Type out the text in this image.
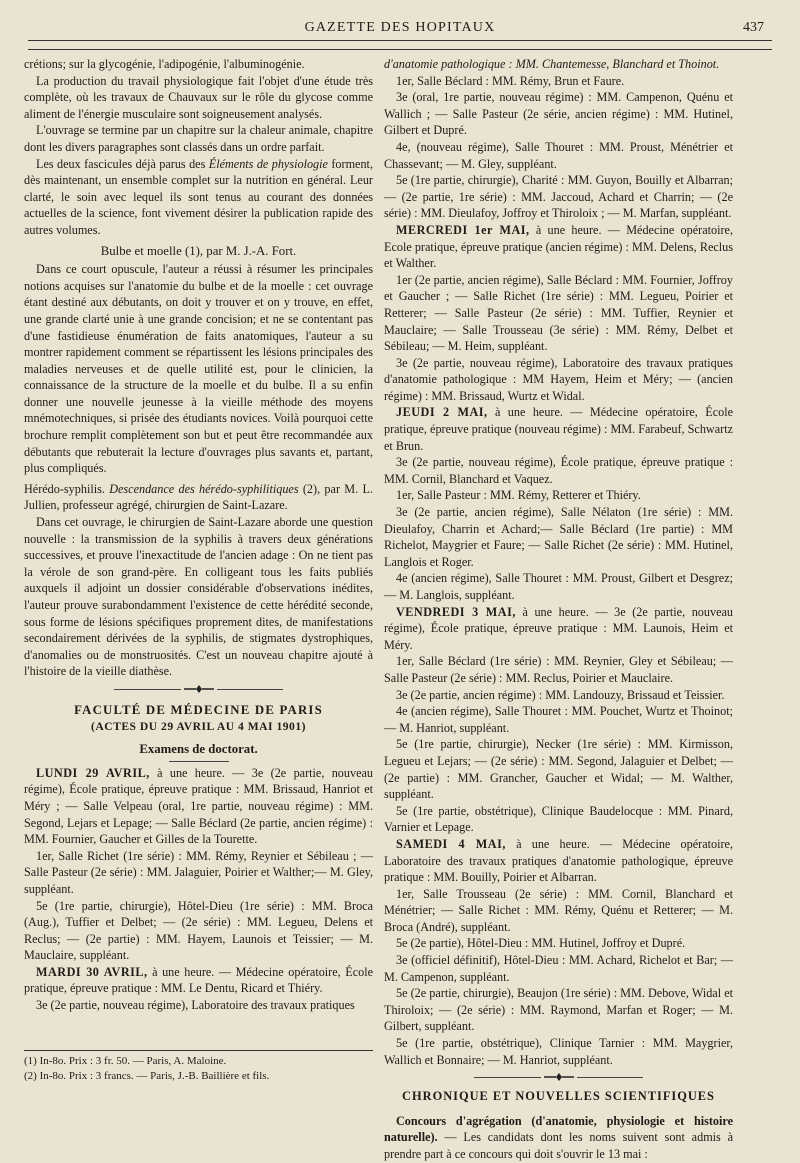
GAZETTE DES HOPITAUX	437

crétions; sur la glycogénie, l'adipogénie, l'albuminogénie.

La production du travail physiologique fait l'objet d'une étude très complète, où les travaux de Chauvaux sur le rôle du glycose comme aliment de l'énergie musculaire sont soigneusement analysés.

L'ouvrage se termine par un chapitre sur la chaleur animale, chapitre dont les divers paragraphes sont classés dans un ordre parfait.

Les deux fascicules déjà parus des Éléments de physiologie forment, dès maintenant, un ensemble complet sur la nutrition en général. Leur clarté, le soin avec lequel ils sont tenus au courant des données actuelles de la science, font vivement désirer la publication rapide des autres volumes.

Bulbe et moelle (1), par M. J.-A. Fort.

Dans ce court opuscule, l'auteur a réussi à résumer les principales notions acquises sur l'anatomie du bulbe et de la moelle : cet ouvrage étant destiné aux débutants, on doit y trouver et on y trouve, en effet, une grande clarté unie à une grande concision; et ne se contentant pas d'une fastidieuse énumération de faits anatomiques, l'auteur a su montrer rapidement comment se répartissent les lésions principales des maladies nerveuses et de quelle utilité est, pour le clinicien, la connaissance de la structure de la moelle et du bulbe. Il a su enfin donner une nouvelle jeunesse à la vieille méthode des moyens mnémotechniques, si prisée des étudiants novices. Voilà pourquoi cette brochure remplit complètement son but et peut être recommandée aux débutants que rebuterait la lecture d'ouvrages plus savants et, partant, plus compliqués.

Hérédo-syphilis. Descendance des hérédo-syphilitiques (2), par M. L. Jullien, professeur agrégé, chirurgien de Saint-Lazare.

Dans cet ouvrage, le chirurgien de Saint-Lazare aborde une question nouvelle : la transmission de la syphilis à travers deux générations successives, et prouve l'inexactitude de l'ancien adage : On ne tient pas la vérole de son grand-père. En colligeant tous les faits publiés auxquels il adjoint un dossier considérable d'observations inédites, l'auteur prouve surabondamment l'existence de cette hérédité seconde, sous forme de lésions spécifiques proprement dites, de manifestations secondairement dérivées de la syphilis, de stigmates dystrophiques, d'anomalies ou de monstruosités. C'est un nouveau chapitre ajouté à l'histoire de la vieille diathèse.

FACULTÉ DE MÉDECINE DE PARIS
(ACTES DU 29 AVRIL AU 4 MAI 1901)
Examens de doctorat.

LUNDI 29 AVRIL, à une heure. — 3e (2e partie, nouveau régime), École pratique, épreuve pratique : MM. Brissaud, Hanriot et Méry ; — Salle Velpeau (oral, 1re partie, nouveau régime) : MM. Segond, Lejars et Lepage; — Salle Béclard (2e partie, ancien régime) : MM. Fournier, Gaucher et Gilles de la Tourette.

1er, Salle Richet (1re série) : MM. Rémy, Reynier et Sébileau ; — Salle Pasteur (2e série) : MM. Jalaguier, Poirier et Walther;— M. Gley, suppléant.

5e (1re partie, chirurgie), Hôtel-Dieu (1re série) : MM. Broca (Aug.), Tuffier et Delbet; — (2e série) : MM. Legueu, Delens et Reclus; — (2e partie) : MM. Hayem, Launois et Teissier; — M. Mauclaire, suppléant.

MARDI 30 AVRIL, à une heure. — Médecine opératoire, École pratique, épreuve pratique : MM. Le Dentu, Ricard et Thiéry.

3e (2e partie, nouveau régime), Laboratoire des travaux pratiques

(1) In-8o. Prix : 3 fr. 50. — Paris, A. Maloine.
(2) In-8o. Prix : 3 francs. — Paris, J.-B. Baillière et fils.

d'anatomie pathologique : MM. Chantemesse, Blanchard et Thoinot.

1er, Salle Béclard : MM. Rémy, Brun et Faure.

3e (oral, 1re partie, nouveau régime) : MM. Campenon, Quénu et Wallich ; — Salle Pasteur (2e série, ancien régime) : MM. Hutinel, Gilbert et Dupré.

4e, (nouveau régime), Salle Thouret : MM. Proust, Ménétrier et Chassevant; — M. Gley, suppléant.

5e (1re partie, chirurgie), Charité : MM. Guyon, Bouilly et Albarran; — (2e partie, 1re série) : MM. Jaccoud, Achard et Charrin; — (2e série) : MM. Dieulafoy, Joffroy et Thiroloix ; — M. Marfan, suppléant.

MERCREDI 1er MAI, à une heure. — Médecine opératoire, Ecole pratique, épreuve pratique (ancien régime) : MM. Delens, Reclus et Walther.

1er (2e partie, ancien régime), Salle Béclard : MM. Fournier, Joffroy et Gaucher ; — Salle Richet (1re série) : MM. Legueu, Poirier et Retterer; — Salle Pasteur (2e série) : MM. Tuffier, Reynier et Mauclaire; — Salle Trousseau (3e série) : MM. Rémy, Delbet et Sébileau; — M. Heim, suppléant.

3e (2e partie, nouveau régime), Laboratoire des travaux pratiques d'anatomie pathologique : MM Hayem, Heim et Méry; — (ancien régime) : MM. Brissaud, Wurtz et Widal.

JEUDI 2 MAI, à une heure. — Médecine opératoire, École pratique, épreuve pratique (nouveau régime) : MM. Farabeuf, Schwartz et Brun.

3e (2e partie, nouveau régime), École pratique, épreuve pratique : MM. Cornil, Blanchard et Vaquez.

1er, Salle Pasteur : MM. Rémy, Retterer et Thiéry.

3e (2e partie, ancien régime), Salle Nélaton (1re série) : MM. Dieulafoy, Charrin et Achard;— Salle Béclard (1re partie) : MM Richelot, Maygrier et Faure; — Salle Richet (2e série) : MM. Hutinel, Langlois et Roger.

4e (ancien régime), Salle Thouret : MM. Proust, Gilbert et Desgrez; — M. Langlois, suppléant.

VENDREDI 3 MAI, à une heure. — 3e (2e partie, nouveau régime), École pratique, épreuve pratique : MM. Launois, Heim et Méry.

1er, Salle Béclard (1re série) : MM. Reynier, Gley et Sébileau; — Salle Pasteur (2e série) : MM. Reclus, Poirier et Mauclaire.

3e (2e partie, ancien régime) : MM. Landouzy, Brissaud et Teissier.

4e (ancien régime), Salle Thouret : MM. Pouchet, Wurtz et Thoinot; — M. Hanriot, suppléant.

5e (1re partie, chirurgie), Necker (1re série) : MM. Kirmisson, Legueu et Lejars; — (2e série) : MM. Segond, Jalaguier et Delbet; — (2e partie) : MM. Grancher, Gaucher et Widal; — M. Walther, suppléant.

5e (1re partie, obstétrique), Clinique Baudelocque : MM. Pinard, Varnier et Lepage.

SAMEDI 4 MAI, à une heure. — Médecine opératoire, Laboratoire des travaux pratiques d'anatomie pathologique, épreuve pratique : MM. Bouilly, Poirier et Albarran.

1er, Salle Trousseau (2e série) : MM. Cornil, Blanchard et Ménétrier; — Salle Richet : MM. Rémy, Quénu et Retterer; — M. Broca (André), suppléant.

5e (2e partie), Hôtel-Dieu : MM. Hutinel, Joffroy et Dupré.

3e (officiel définitif), Hôtel-Dieu : MM. Achard, Richelot et Bar; — M. Campenon, suppléant.

5e (2e partie, chirurgie), Beaujon (1re série) : MM. Debove, Widal et Thiroloix; — (2e série) : MM. Raymond, Marfan et Roger; — M. Gilbert, suppléant.

5e (1re partie, obstétrique), Clinique Tarnier : MM. Maygrier, Wallich et Bonnaire; — M. Hanriot, suppléant.

CHRONIQUE ET NOUVELLES SCIENTIFIQUES

Concours d'agrégation (d'anatomie, physiologie et histoire naturelle). — Les candidats dont les noms suivent sont admis à prendre part à ce concours qui doit s'ouvrir le 13 mai :
